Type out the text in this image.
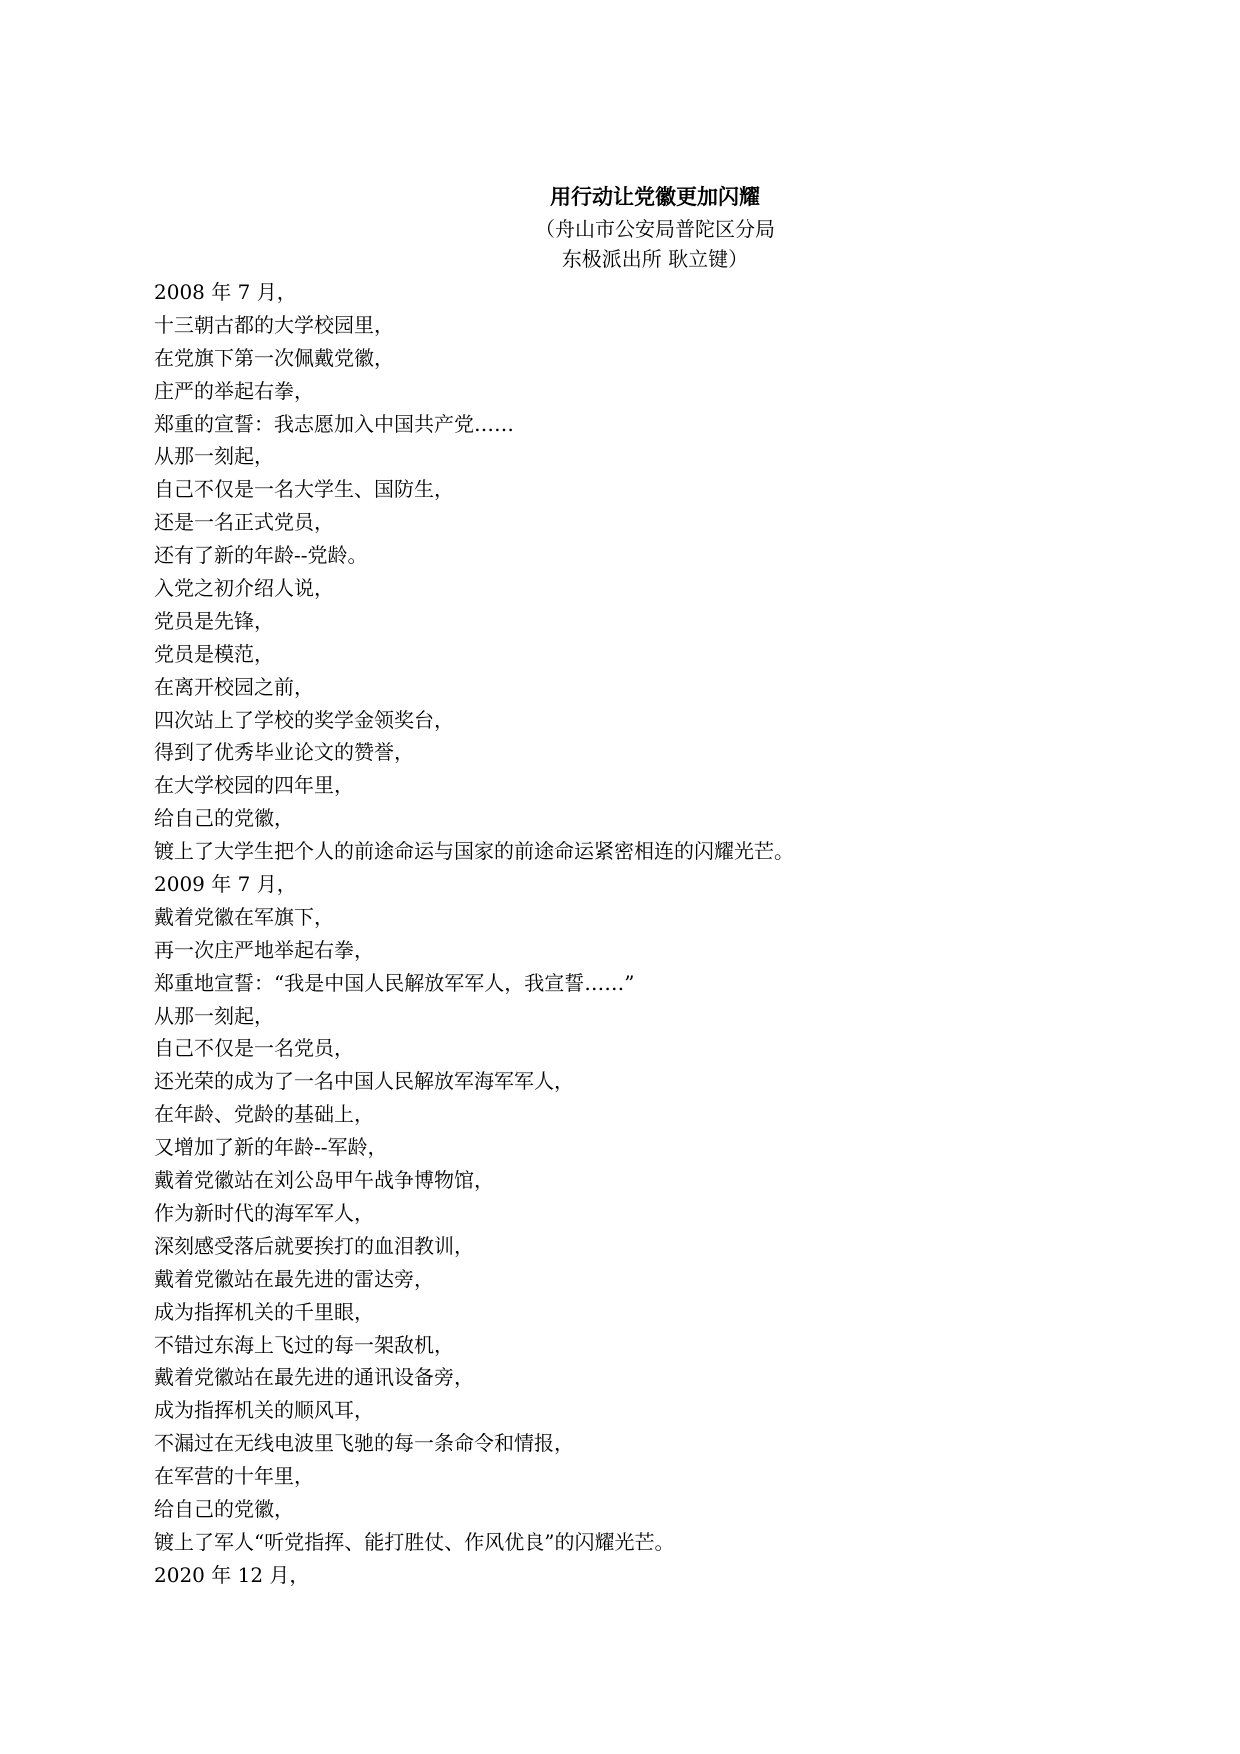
用行动让党徽更加闪耀
（舟山市公安局普陀区分局
东极派出所 耿立键）
2008 年 7 月，
十三朝古都的大学校园里，
在党旗下第一次佩戴党徽，
庄严的举起右拳，
郑重的宣誓：我志愿加入中国共产党……
从那一刻起，
自己不仅是一名大学生、国防生，
还是一名正式党员，
还有了新的年龄--党龄。
入党之初介绍人说，
党员是先锋，
党员是模范，
在离开校园之前，
四次站上了学校的奖学金领奖台，
得到了优秀毕业论文的赞誉，
在大学校园的四年里，
给自己的党徽，
镀上了大学生把个人的前途命运与国家的前途命运紧密相连的闪耀光芒。
2009 年 7 月，
戴着党徽在军旗下，
再一次庄严地举起右拳，
郑重地宣誓：“我是中国人民解放军军人，我宣誓……”
从那一刻起，
自己不仅是一名党员，
还光荣的成为了一名中国人民解放军海军军人，
在年龄、党龄的基础上，
又增加了新的年龄--军龄，
戴着党徽站在刘公岛甲午战争博物馆，
作为新时代的海军军人，
深刻感受落后就要挨打的血泪教训，
戴着党徽站在最先进的雷达旁，
成为指挥机关的千里眼，
不错过东海上飞过的每一架敌机，
戴着党徽站在最先进的通讯设备旁，
成为指挥机关的顺风耳，
不漏过在无线电波里飞驰的每一条命令和情报，
在军营的十年里，
给自己的党徽，
镀上了军人“听党指挥、能打胜仗、作风优良”的闪耀光芒。
2020 年 12 月，
